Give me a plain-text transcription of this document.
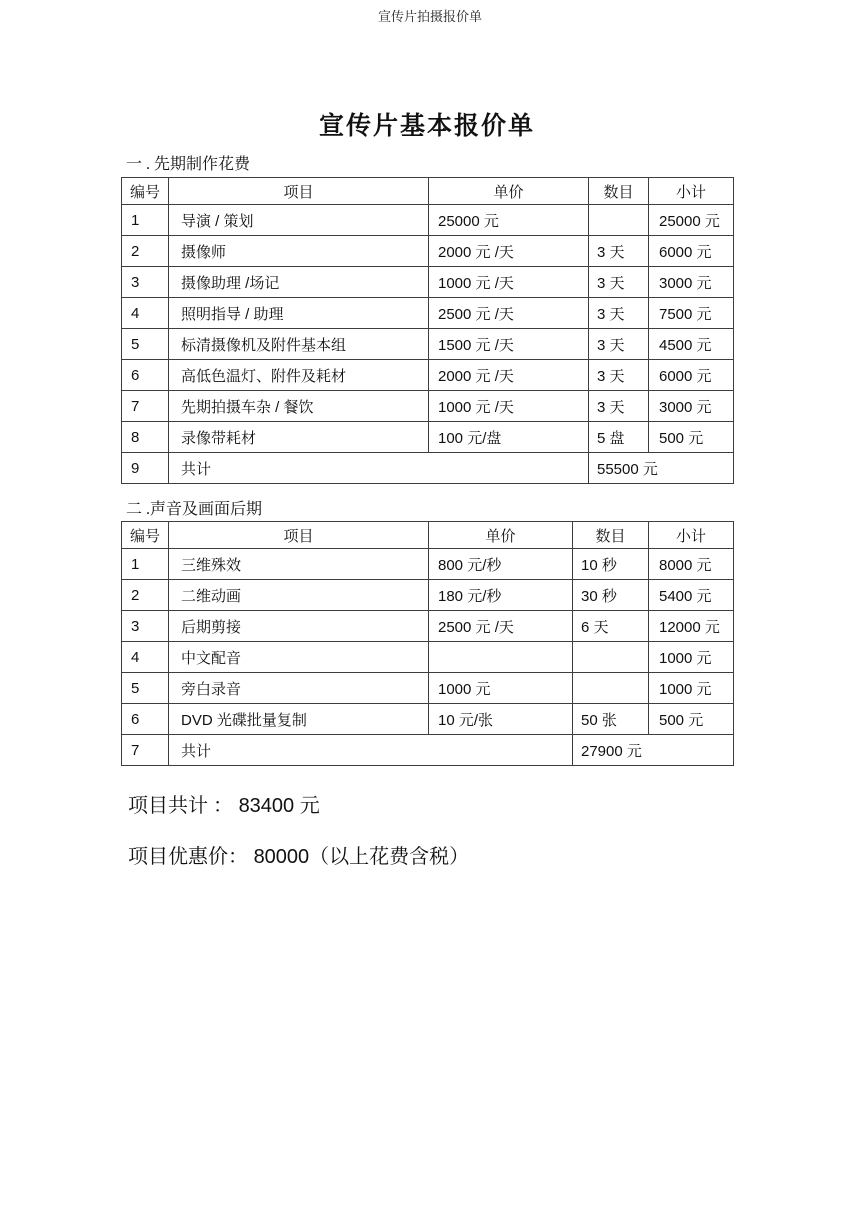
宣传片拍摄报价单
宣传片基本报价单
一 . 先期制作花费
编号	项目	单价	数目	小计
1	导演 / 策划	25000 元		25000 元
2	摄像师	2000 元 /天	3 天	6000 元
3	摄像助理 /场记	1000 元 /天	3 天	3000 元
4	照明指导 / 助理	2500 元 /天	3 天	7500 元
5	标清摄像机及附件基本组	1500 元 /天	3 天	4500 元
6	高低色温灯、附件及耗材	2000 元 /天	3 天	6000 元
7	先期拍摄车杂 / 餐饮	1000 元 /天	3 天	3000 元
8	录像带耗材	100 元/盘	5 盘	500 元
9	共计		55500 元	
二 .声音及画面后期
编号	项目	单价	数目	小计
1	三维殊效	800 元/秒	10 秒	8000 元
2	二维动画	180 元/秒	30 秒	5400 元
3	后期剪接	2500 元 /天	6 天	12000 元
4	中文配音			1000 元
5	旁白录音	1000 元		1000 元
6	DVD 光碟批量复制	10 元/张	50 张	500 元
7	共计		27900 元	
项目共计 ： 83400 元
项目优惠价： 80000（以上花费含税）
